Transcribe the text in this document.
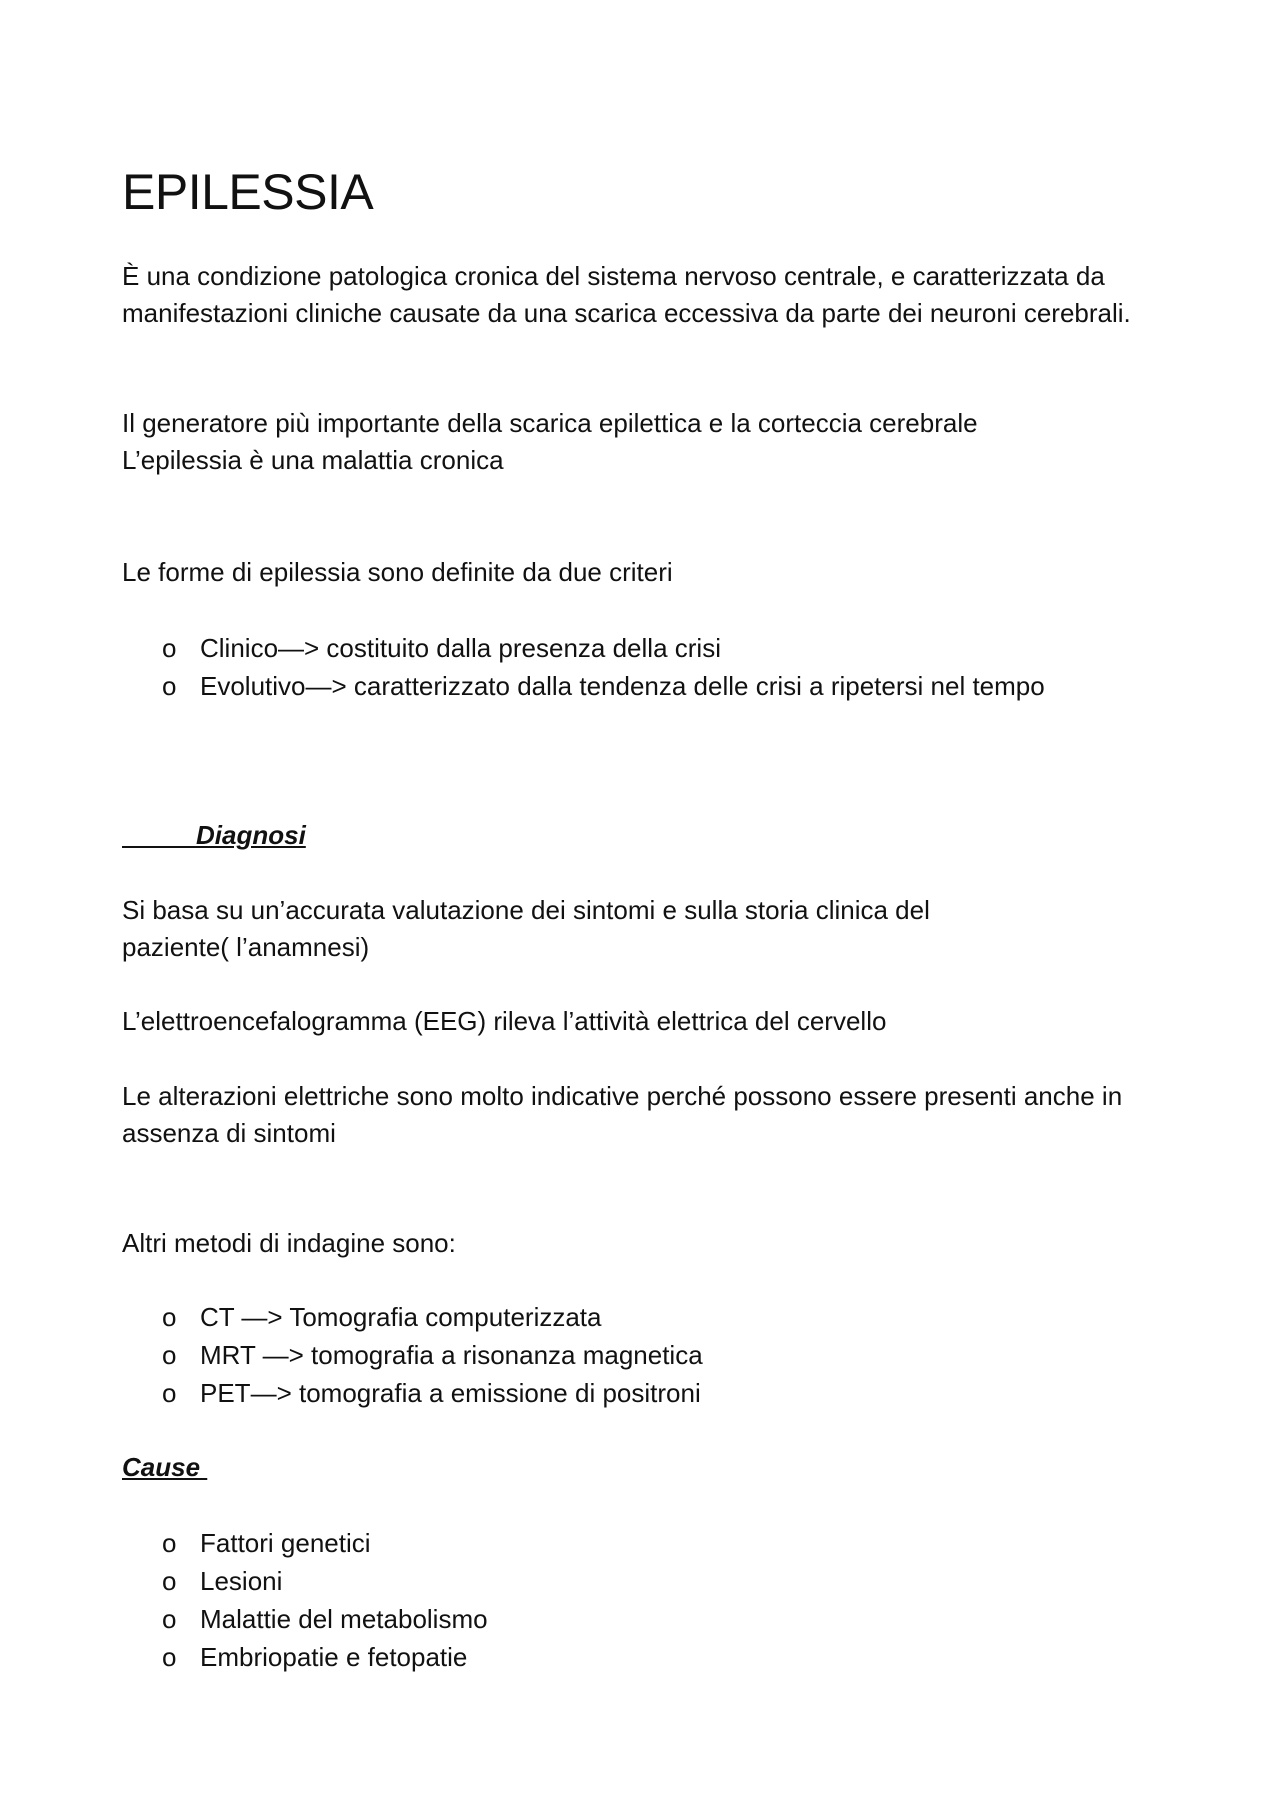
EPILESSIA

È una condizione patologica cronica del sistema nervoso centrale, e caratterizzata da manifestazioni cliniche causate da una scarica eccessiva da parte dei neuroni cerebrali.

Il generatore più importante della scarica epilettica e la corteccia cerebrale

L’epilessia è una malattia cronica

Le forme di epilessia sono definite da due criteri

o Clinico—> costituito dalla presenza della crisi
o Evolutivo—> caratterizzato dalla tendenza delle crisi a ripetersi nel tempo
Diagnosi

Si basa su un’accurata valutazione dei sintomi e sulla storia clinica del paziente( l’anamnesi)

L’elettroencefalogramma (EEG) rileva l’attività elettrica del cervello

Le alterazioni elettriche sono molto indicative perché possono essere presenti anche in assenza di sintomi

Altri metodi di indagine sono:

o CT —> Tomografia computerizzata
o MRT —> tomografia a risonanza magnetica
o PET—> tomografia a emissione di positroni
Cause
o Fattori genetici
o Lesioni
o Malattie del metabolismo
o Embriopatie e fetopatie
